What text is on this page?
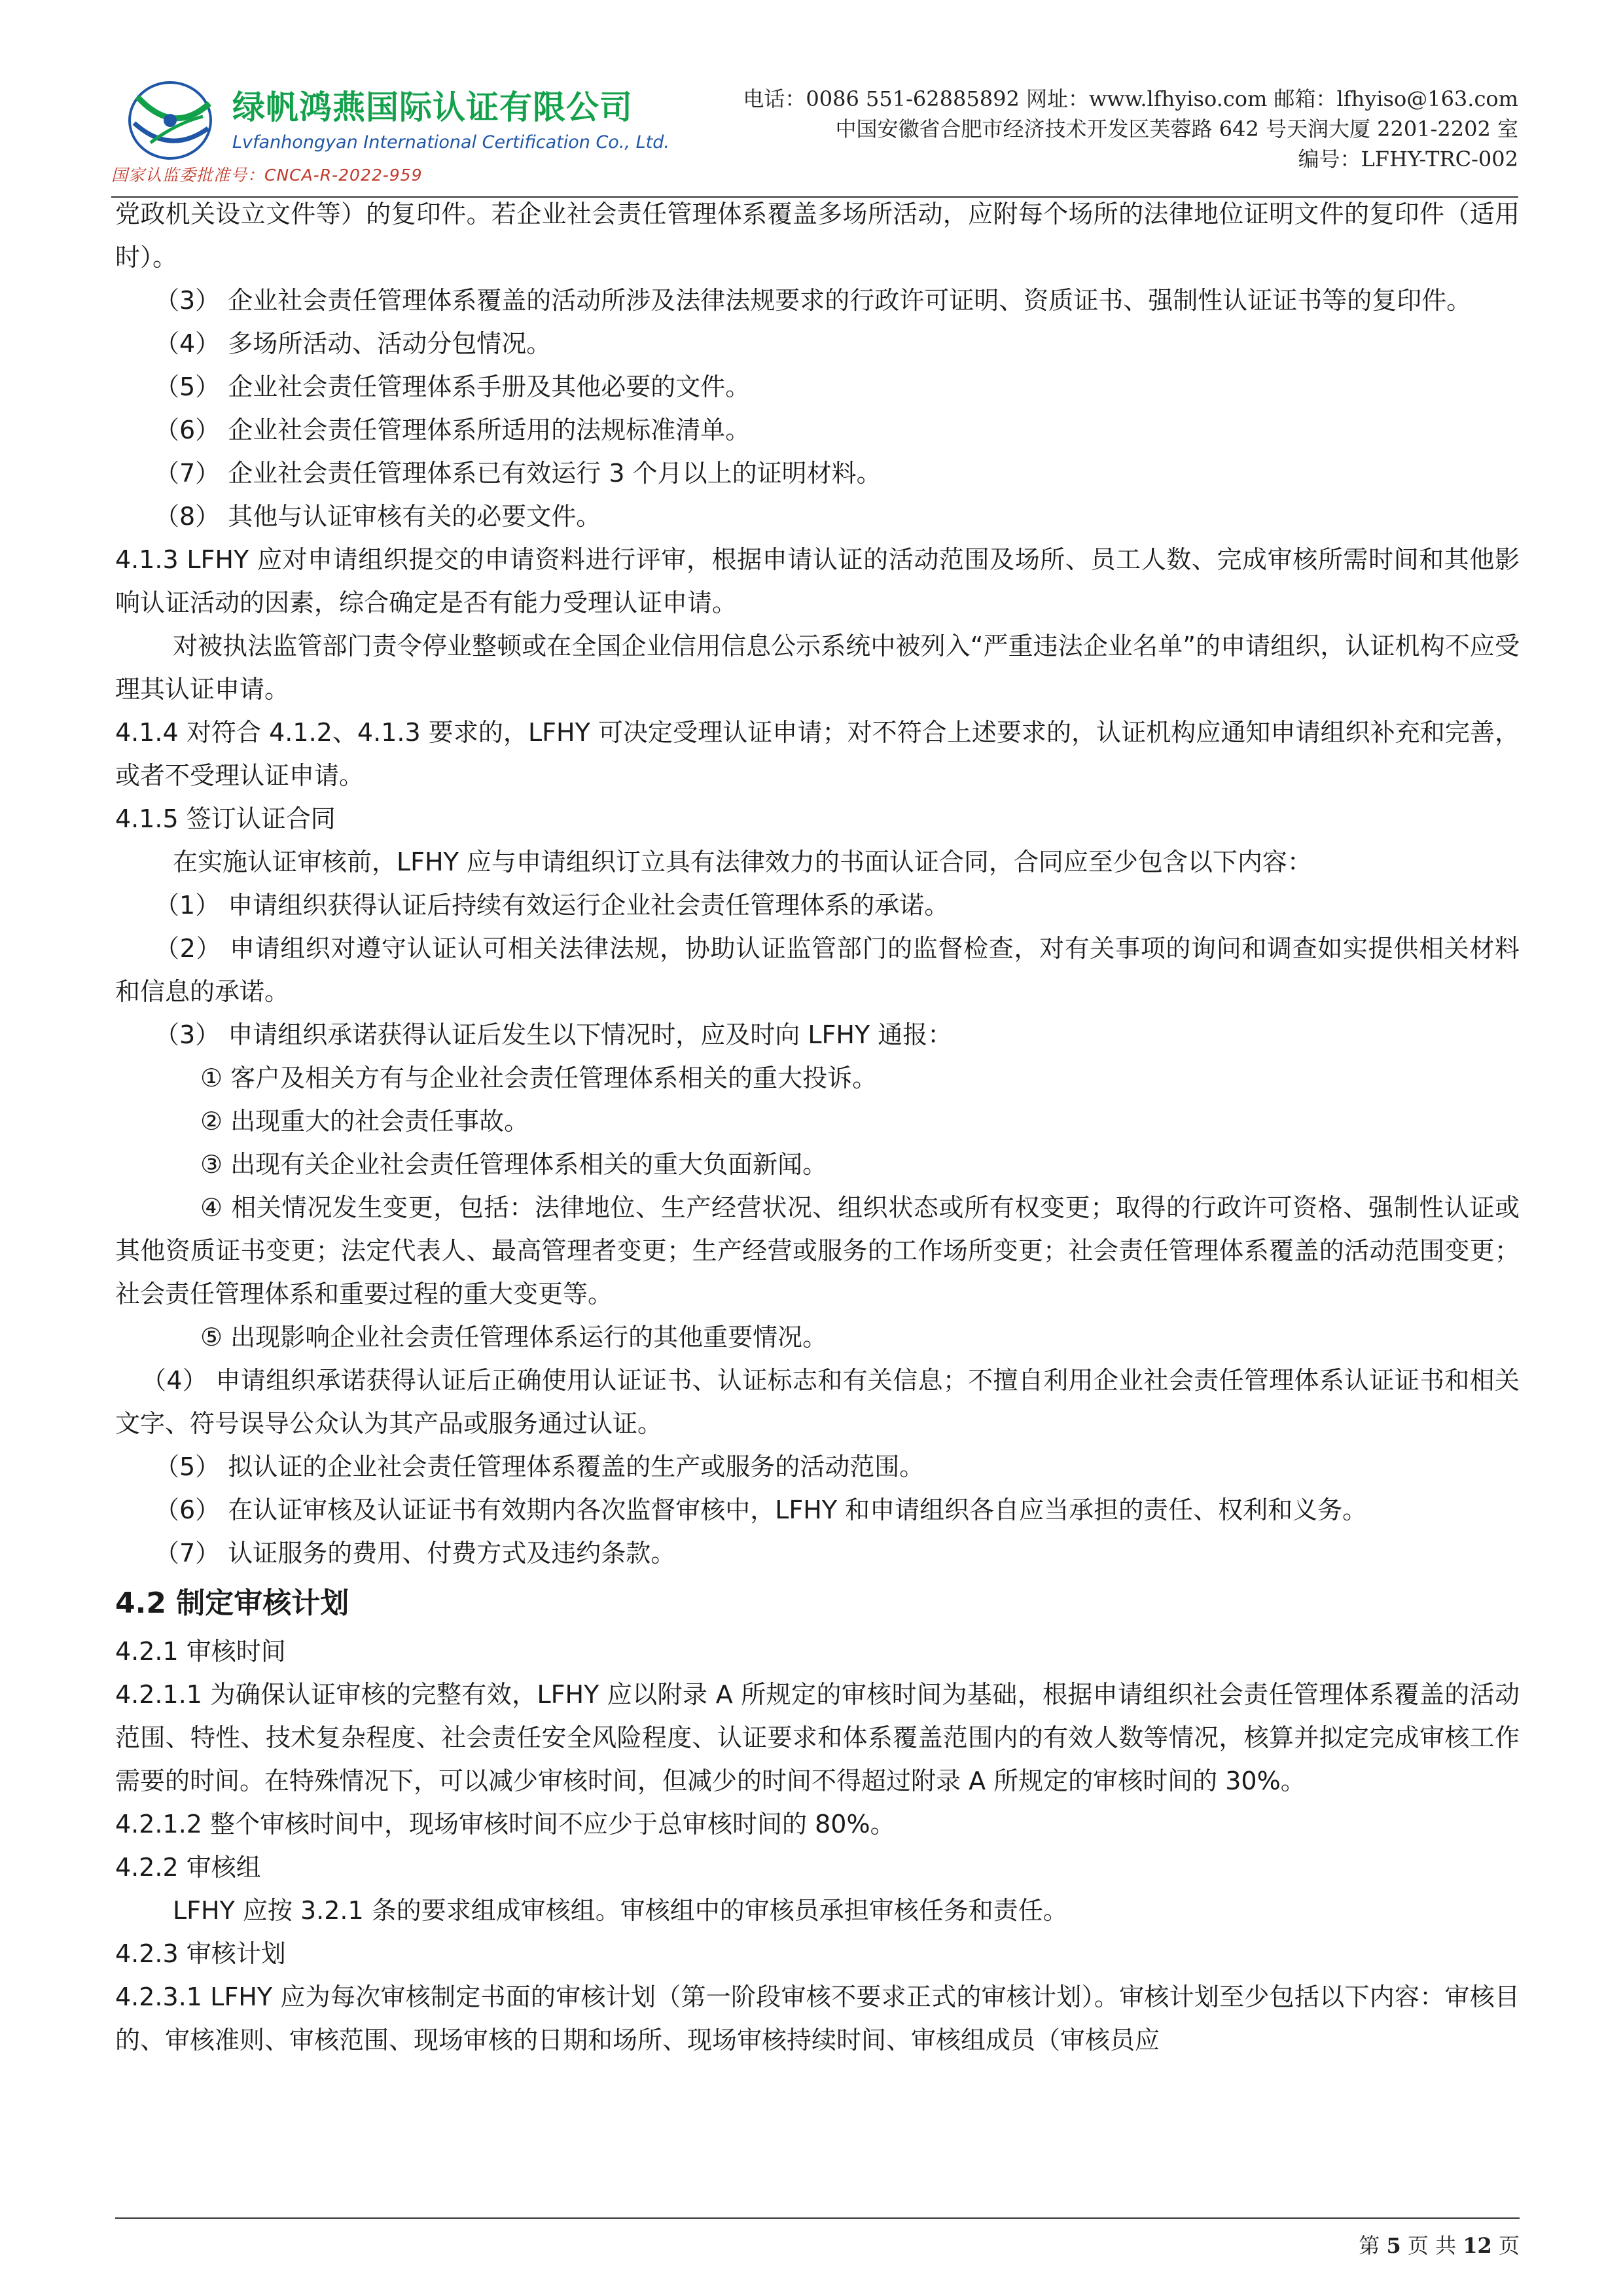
绿帆鸿燕国际认证有限公司
Lvfanhongyan International Certification Co., Ltd.
国家认监委批准号：CNCA-R-2022-959
电话：0086 551-62885892 网址：www.lfhyiso.com 邮箱：lfhyiso@163.com
中国安徽省合肥市经济技术开发区芙蓉路 642 号天润大厦 2201-2202 室
编号：LFHY-TRC-002

党政机关设立文件等）的复印件。若企业社会责任管理体系覆盖多场所活动，应附每个场所的法律地位证明文件的复印件（适用时）。

（3） 企业社会责任管理体系覆盖的活动所涉及法律法规要求的行政许可证明、资质证书、强制性认证证书等的复印件。

（4） 多场所活动、活动分包情况。

（5） 企业社会责任管理体系手册及其他必要的文件。

（6） 企业社会责任管理体系所适用的法规标准清单。

（7） 企业社会责任管理体系已有效运行 3 个月以上的证明材料。

（8） 其他与认证审核有关的必要文件。

4.1.3 LFHY 应对申请组织提交的申请资料进行评审，根据申请认证的活动范围及场所、员工人数、完成审核所需时间和其他影响认证活动的因素，综合确定是否有能力受理认证申请。

对被执法监管部门责令停业整顿或在全国企业信用信息公示系统中被列入“严重违法企业名单”的申请组织，认证机构不应受理其认证申请。

4.1.4 对符合 4.1.2、4.1.3 要求的，LFHY 可决定受理认证申请；对不符合上述要求的，认证机构应通知申请组织补充和完善，或者不受理认证申请。

4.1.5 签订认证合同

在实施认证审核前，LFHY 应与申请组织订立具有法律效力的书面认证合同，合同应至少包含以下内容：

（1） 申请组织获得认证后持续有效运行企业社会责任管理体系的承诺。

（2） 申请组织对遵守认证认可相关法律法规，协助认证监管部门的监督检查，对有关事项的询问和调查如实提供相关材料和信息的承诺。

（3） 申请组织承诺获得认证后发生以下情况时，应及时向 LFHY 通报：

① 客户及相关方有与企业社会责任管理体系相关的重大投诉。

② 出现重大的社会责任事故。

③ 出现有关企业社会责任管理体系相关的重大负面新闻。

④ 相关情况发生变更，包括：法律地位、生产经营状况、组织状态或所有权变更；取得的行政许可资格、强制性认证或其他资质证书变更；法定代表人、最高管理者变更；生产经营或服务的工作场所变更；社会责任管理体系覆盖的活动范围变更；社会责任管理体系和重要过程的重大变更等。

⑤ 出现影响企业社会责任管理体系运行的其他重要情况。

（4） 申请组织承诺获得认证后正确使用认证证书、认证标志和有关信息；不擅自利用企业社会责任管理体系认证证书和相关文字、符号误导公众认为其产品或服务通过认证。

（5） 拟认证的企业社会责任管理体系覆盖的生产或服务的活动范围。

（6） 在认证审核及认证证书有效期内各次监督审核中，LFHY 和申请组织各自应当承担的责任、权利和义务。

（7） 认证服务的费用、付费方式及违约条款。

4.2 制定审核计划

4.2.1 审核时间

4.2.1.1 为确保认证审核的完整有效，LFHY 应以附录 A 所规定的审核时间为基础，根据申请组织社会责任管理体系覆盖的活动范围、特性、技术复杂程度、社会责任安全风险程度、认证要求和体系覆盖范围内的有效人数等情况，核算并拟定完成审核工作需要的时间。在特殊情况下，可以减少审核时间，但减少的时间不得超过附录 A 所规定的审核时间的 30%。

4.2.1.2 整个审核时间中，现场审核时间不应少于总审核时间的 80%。

4.2.2 审核组

LFHY 应按 3.2.1 条的要求组成审核组。审核组中的审核员承担审核任务和责任。

4.2.3 审核计划

4.2.3.1 LFHY 应为每次审核制定书面的审核计划（第一阶段审核不要求正式的审核计划）。审核计划至少包括以下内容：审核目的、审核准则、审核范围、现场审核的日期和场所、现场审核持续时间、审核组成员（审核员应

第 5 页 共 12 页
